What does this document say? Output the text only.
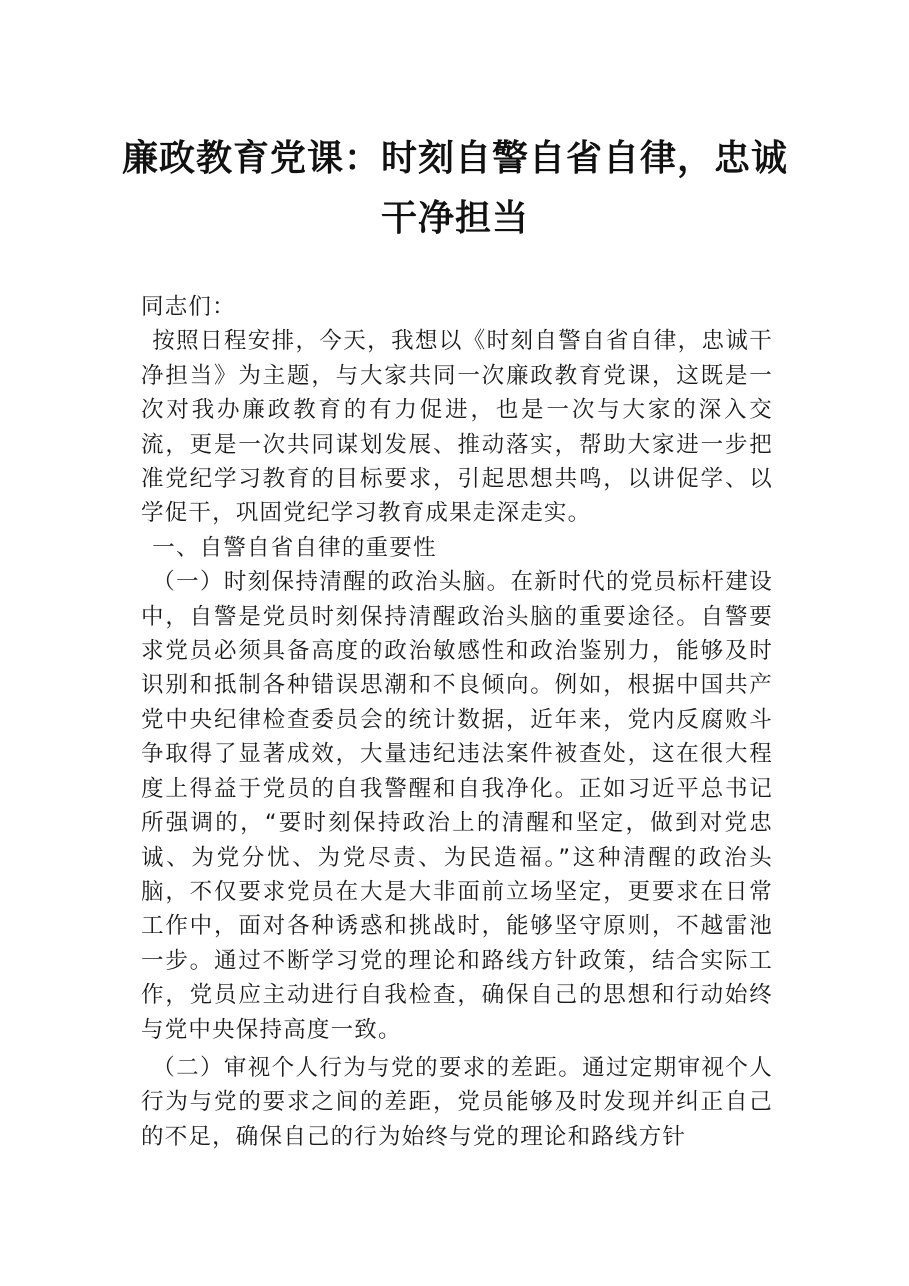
廉政教育党课：时刻自警自省自律，忠诚
干净担当

同志们：

按照日程安排，今天，我想以《时刻自警自省自律，忠诚干净担当》为主题，与大家共同一次廉政教育党课，这既是一次对我办廉政教育的有力促进，也是一次与大家的深入交流，更是一次共同谋划发展、推动落实，帮助大家进一步把准党纪学习教育的目标要求，引起思想共鸣，以讲促学、以学促干，巩固党纪学习教育成果走深走实。

一、自警自省自律的重要性

（一）时刻保持清醒的政治头脑。在新时代的党员标杆建设中，自警是党员时刻保持清醒政治头脑的重要途径。自警要求党员必须具备高度的政治敏感性和政治鉴别力，能够及时识别和抵制各种错误思潮和不良倾向。例如，根据中国共产党中央纪律检查委员会的统计数据，近年来，党内反腐败斗争取得了显著成效，大量违纪违法案件被查处，这在很大程度上得益于党员的自我警醒和自我净化。正如习近平总书记所强调的，“要时刻保持政治上的清醒和坚定，做到对党忠诚、为党分忧、为党尽责、为民造福。”这种清醒的政治头脑，不仅要求党员在大是大非面前立场坚定，更要求在日常工作中，面对各种诱惑和挑战时，能够坚守原则，不越雷池一步。通过不断学习党的理论和路线方针政策，结合实际工作，党员应主动进行自我检查，确保自己的思想和行动始终与党中央保持高度一致。

（二）审视个人行为与党的要求的差距。通过定期审视个人行为与党的要求之间的差距，党员能够及时发现并纠正自己的不足，确保自己的行为始终与党的理论和路线方针
